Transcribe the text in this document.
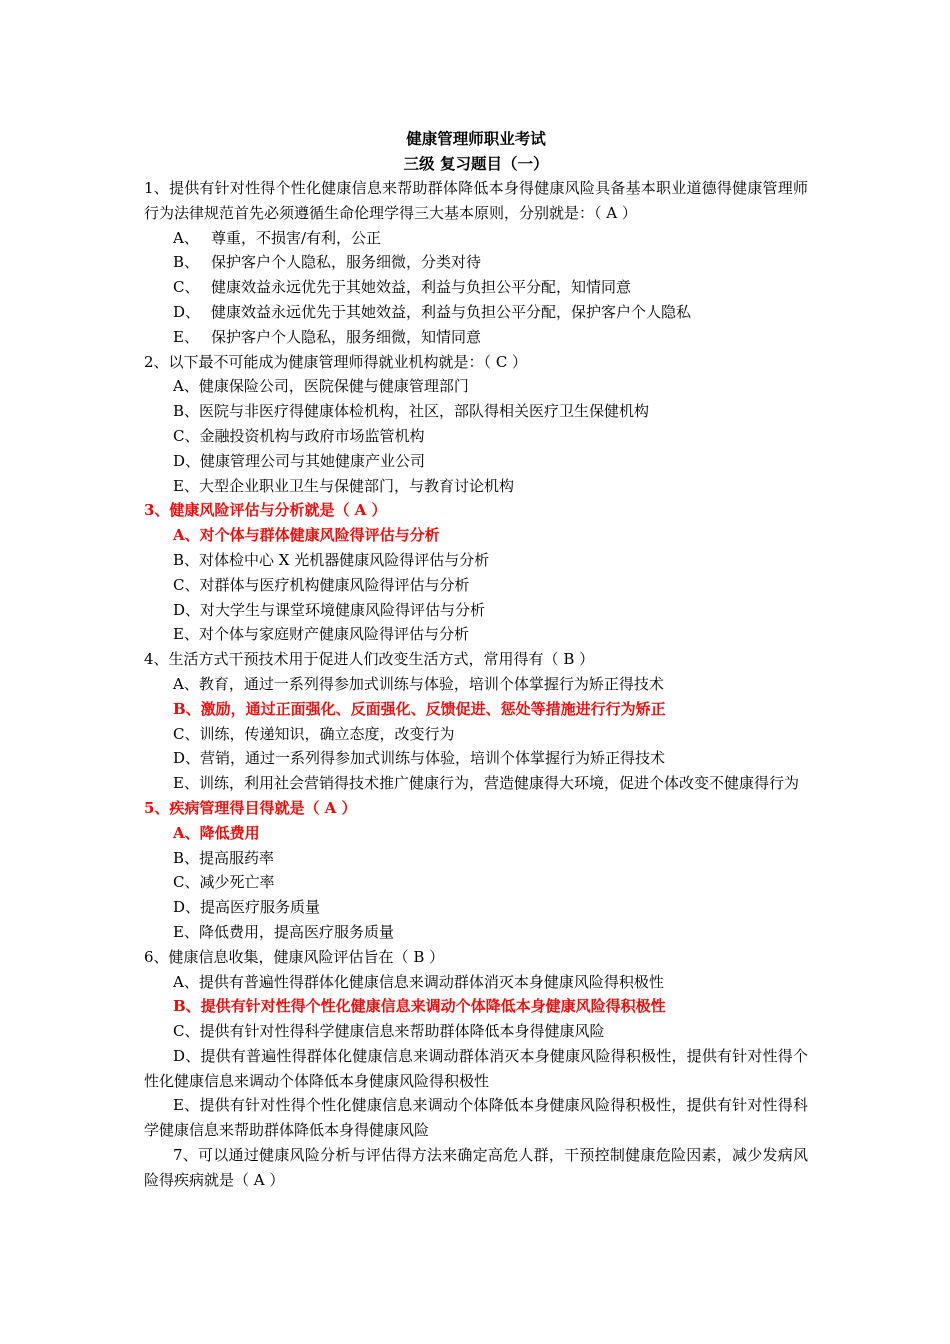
健康管理师职业考试
三级 复习题目（一）
1、提供有针对性得个性化健康信息来帮助群体降低本身得健康风险具备基本职业道德得健康管理师行为法律规范首先必须遵循生命伦理学得三大基本原则，分别就是：（ A ）
A、 尊重，不损害/有利，公正
B、 保护客户个人隐私，服务细微，分类对待
C、 健康效益永远优先于其她效益，利益与负担公平分配，知情同意
D、 健康效益永远优先于其她效益，利益与负担公平分配，保护客户个人隐私
E、 保护客户个人隐私，服务细微，知情同意
2、以下最不可能成为健康管理师得就业机构就是：（ C ）
A、健康保险公司，医院保健与健康管理部门
B、医院与非医疗得健康体检机构，社区，部队得相关医疗卫生保健机构
C、金融投资机构与政府市场监管机构
D、健康管理公司与其她健康产业公司
E、大型企业职业卫生与保健部门，与教育讨论机构
3、健康风险评估与分析就是（ A ）
A、对个体与群体健康风险得评估与分析
B、对体检中心 X 光机器健康风险得评估与分析
C、对群体与医疗机构健康风险得评估与分析
D、对大学生与课堂环境健康风险得评估与分析
E、对个体与家庭财产健康风险得评估与分析
4、生活方式干预技术用于促进人们改变生活方式，常用得有（ B ）
A、教育，通过一系列得参加式训练与体验，培训个体掌握行为矫正得技术
B、激励，通过正面强化、反面强化、反馈促进、惩处等措施进行行为矫正
C、训练，传递知识，确立态度，改变行为
D、营销，通过一系列得参加式训练与体验，培训个体掌握行为矫正得技术
E、训练，利用社会营销得技术推广健康行为，营造健康得大环境，促进个体改变不健康得行为
5、疾病管理得目得就是（ A ）
A、降低费用
B、提高服药率
C、减少死亡率
D、提高医疗服务质量
E、降低费用，提高医疗服务质量
6、健康信息收集，健康风险评估旨在（ B ）
A、提供有普遍性得群体化健康信息来调动群体消灭本身健康风险得积极性
B、提供有针对性得个性化健康信息来调动个体降低本身健康风险得积极性
C、提供有针对性得科学健康信息来帮助群体降低本身得健康风险
D、提供有普遍性得群体化健康信息来调动群体消灭本身健康风险得积极性，提供有针对性得个性化健康信息来调动个体降低本身健康风险得积极性
E、提供有针对性得个性化健康信息来调动个体降低本身健康风险得积极性，提供有针对性得科学健康信息来帮助群体降低本身得健康风险
7、可以通过健康风险分析与评估得方法来确定高危人群，干预控制健康危险因素，减少发病风险得疾病就是（ A ）
